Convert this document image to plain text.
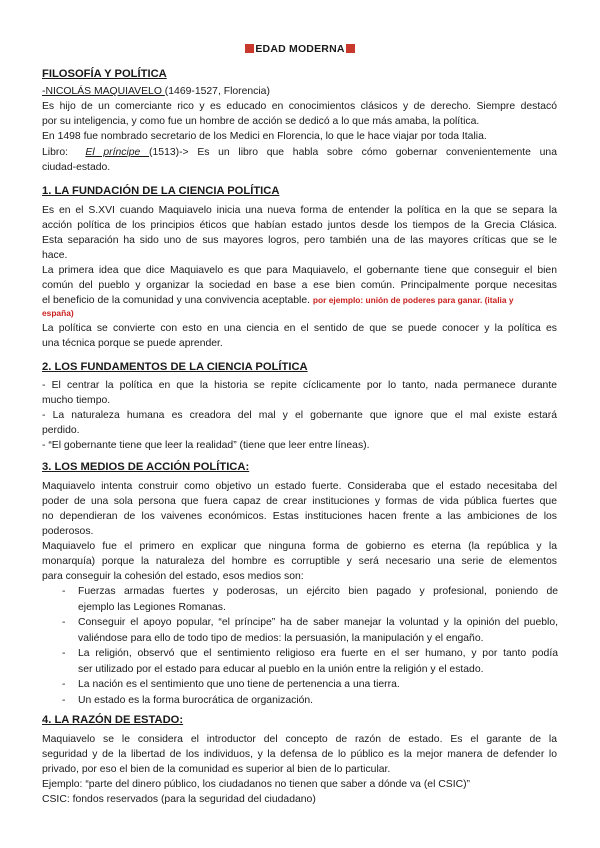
EDAD MODERNA
FILOSOFÍA Y POLÍTICA
-NICOLÁS MAQUIAVELO (1469-1527, Florencia)
Es hijo de un comerciante rico y es educado en conocimientos clásicos y de derecho. Siempre destacó
por su inteligencia, y como fue un hombre de acción se dedicó a lo que más amaba, la política.
En 1498 fue nombrado secretario de los Medici en Florencia, lo que le hace viajar por toda Italia.
Libro: El príncipe (1513)-> Es un libro que habla sobre cómo gobernar convenientemente una
ciudad-estado.
1. LA FUNDACIÓN DE LA CIENCIA POLÍTICA
Es en el S.XVI cuando Maquiavelo inicia una nueva forma de entender la política en la que se separa la
acción política de los principios éticos que habían estado juntos desde los tiempos de la Grecia Clásica.
Esta separación ha sido uno de sus mayores logros, pero también una de las mayores críticas que se le
hace.
La primera idea que dice Maquiavelo es que para Maquiavelo, el gobernante tiene que conseguir el bien
común del pueblo y organizar la sociedad en base a ese bien común. Principalmente porque necesitas
el beneficio de la comunidad y una convivencia aceptable. por ejemplo: unión de poderes para ganar. (italia y
españa)
La política se convierte con esto en una ciencia en el sentido de que se puede conocer y la política es
una técnica porque se puede aprender.
2. LOS FUNDAMENTOS DE LA CIENCIA POLÍTICA
- El centrar la política en que la historia se repite cíclicamente por lo tanto, nada permanece durante
mucho tiempo.
- La naturaleza humana es creadora del mal y el gobernante que ignore que el mal existe estará
perdido.
- “El gobernante tiene que leer la realidad” (tiene que leer entre líneas).
3. LOS MEDIOS DE ACCIÓN POLÍTICA:
Maquiavelo intenta construir como objetivo un estado fuerte. Consideraba que el estado necesitaba del
poder de una sola persona que fuera capaz de crear instituciones y formas de vida pública fuertes que
no dependieran de los vaivenes económicos. Estas instituciones hacen frente a las ambiciones de los
poderosos.
Maquiavelo fue el primero en explicar que ninguna forma de gobierno es eterna (la república y la
monarquía) porque la naturaleza del hombre es corruptible y será necesario una serie de elementos
para conseguir la cohesión del estado, esos medios son:
- Fuerzas armadas fuertes y poderosas, un ejército bien pagado y profesional, poniendo de
ejemplo las Legiones Romanas.
- Conseguir el apoyo popular, “el príncipe” ha de saber manejar la voluntad y la opinión del pueblo,
valiéndose para ello de todo tipo de medios: la persuasión, la manipulación y el engaño.
- La religión, observó que el sentimiento religioso era fuerte en el ser humano, y por tanto podía
ser utilizado por el estado para educar al pueblo en la unión entre la religión y el estado.
- La nación es el sentimiento que uno tiene de pertenencia a una tierra.
- Un estado es la forma burocrática de organización.
4. LA RAZÓN DE ESTADO:
Maquiavelo se le considera el introductor del concepto de razón de estado. Es el garante de la
seguridad y de la libertad de los individuos, y la defensa de lo público es la mejor manera de defender lo
privado, por eso el bien de la comunidad es superior al bien de lo particular.
Ejemplo: “parte del dinero público, los ciudadanos no tienen que saber a dónde va (el CSIC)”
CSIC: fondos reservados (para la seguridad del ciudadano)
